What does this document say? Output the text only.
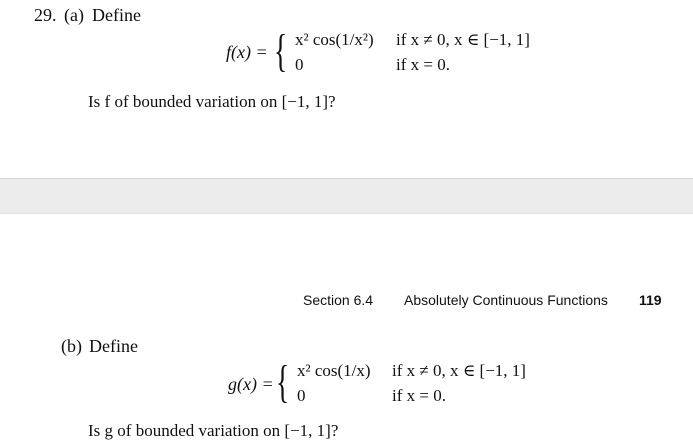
29. (a) Define
f(x) = { x² cos(1/x²) if x ≠ 0, x ∈ [−1, 1]
0	if x = 0.
Is f of bounded variation on [−1, 1]?
Section 6.4 Absolutely Continuous Functions 119
(b) Define
g(x) = { x² cos(1/x) if x ≠ 0, x ∈ [−1, 1]
0	if x = 0.
Is g of bounded variation on [−1, 1]?
